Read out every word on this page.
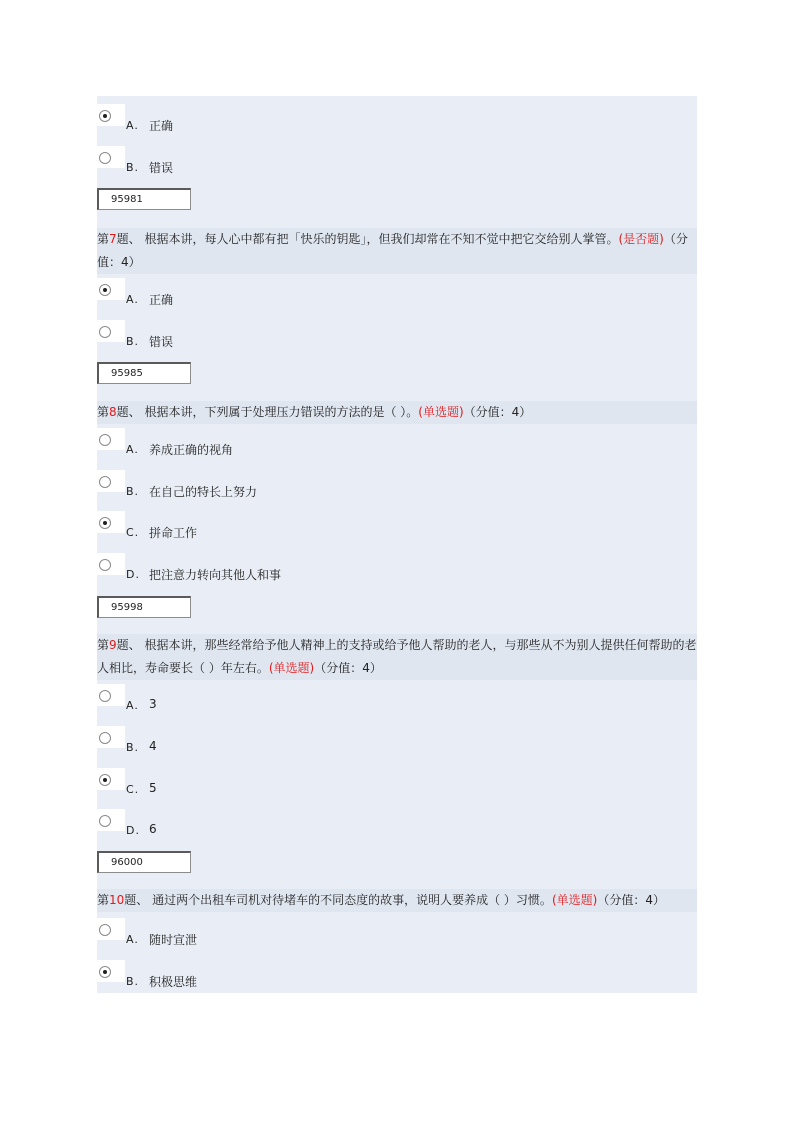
A. 正确
B. 错误
95981
第7题、 根据本讲，每人心中都有把「快乐的钥匙」，但我们却常在不知不觉中把它交给别人掌管。(是否题)（分
值：4）
A. 正确
B. 错误
95985
第8题、 根据本讲，下列属于处理压力错误的方法的是（ ）。(单选题)（分值：4）
A. 养成正确的视角
B. 在自己的特长上努力
C. 拼命工作
D. 把注意力转向其他人和事
95998
第9题、 根据本讲，那些经常给予他人精神上的支持或给予他人帮助的老人，与那些从不为别人提供任何帮助的老
人相比，寿命要长（ ）年左右。(单选题)（分值：4）
A. 3
B. 4
C. 5
D. 6
96000
第10题、 通过两个出租车司机对待堵车的不同态度的故事，说明人要养成（ ）习惯。(单选题)（分值：4）
A. 随时宣泄
B. 积极思维
